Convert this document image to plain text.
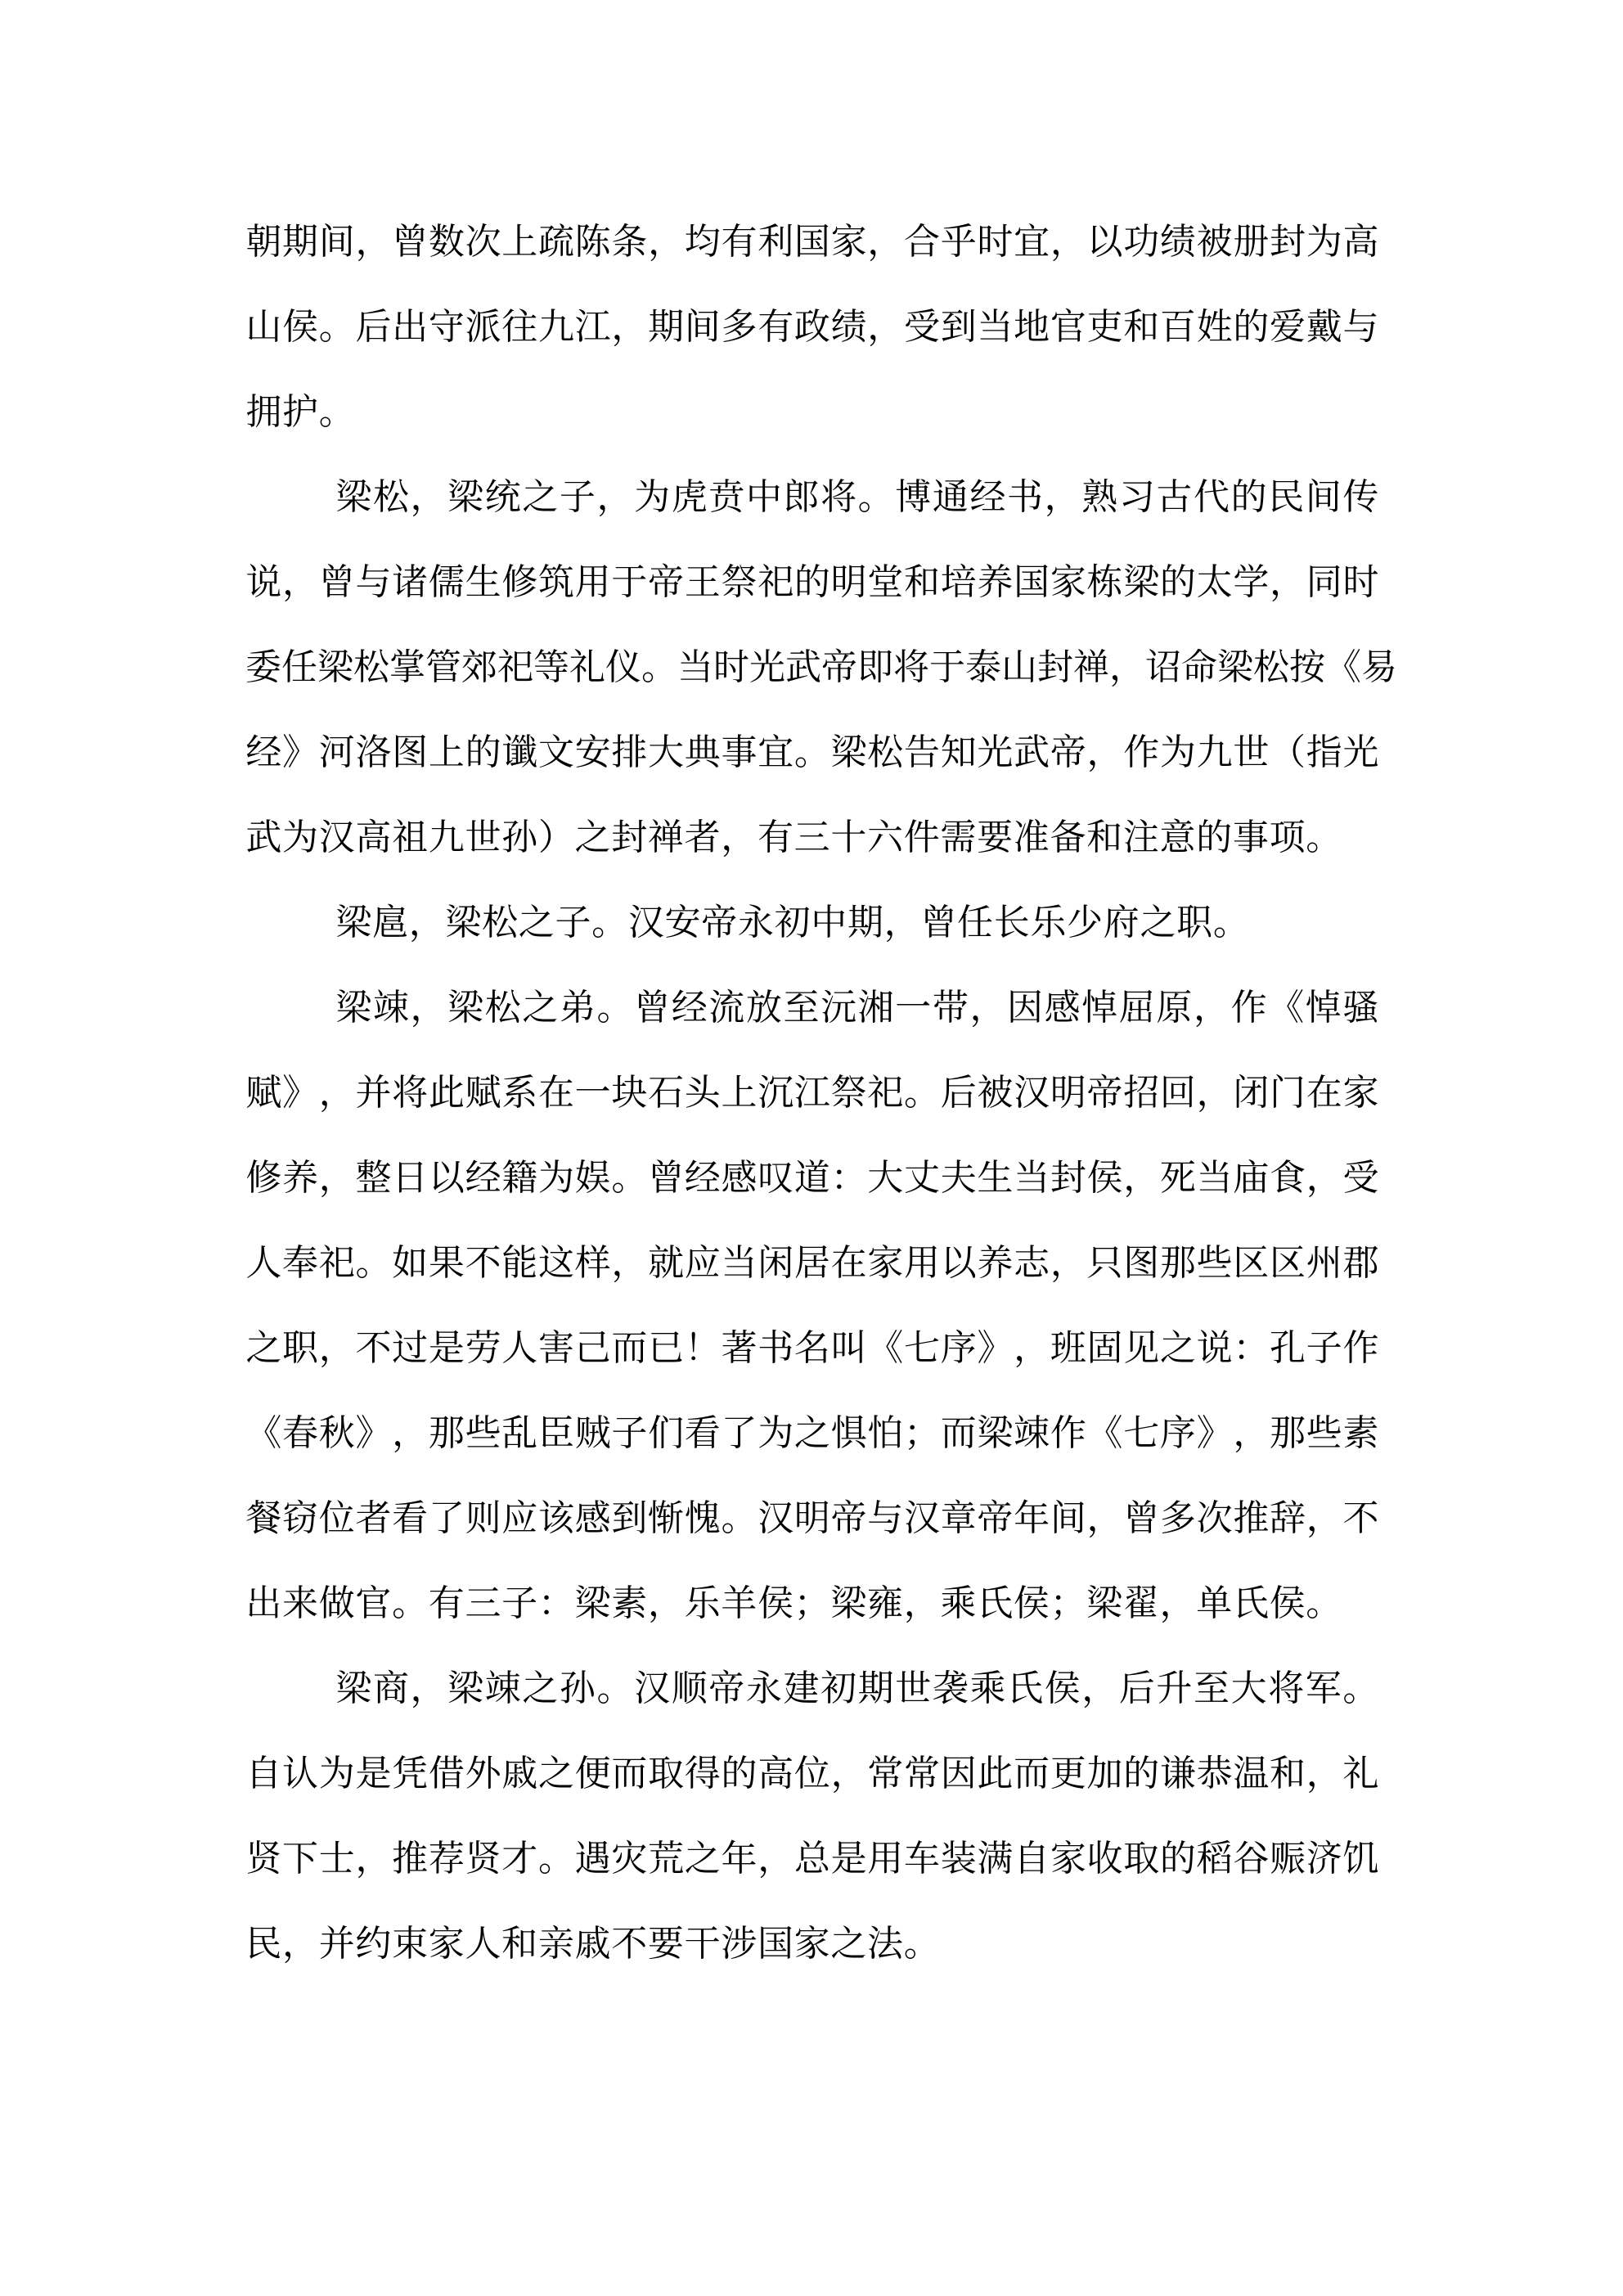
朝 期 间 ， 曾 数 次 上 疏 陈 条 ， 均 有 利 国 家 ， 合 乎 时 宜 ， 以 功 绩 被 册 封 为 高
山 侯 。 后 出 守 派 往 九 江 ， 期 间 多 有 政 绩 ， 受 到 当 地 官 吏 和 百 姓 的 爱 戴 与
拥 护 。
梁 松 ， 梁 统 之 子 ， 为 虎 贲 中 郎 将 。 博 通 经 书 ， 熟 习 古 代 的 民 间 传
说 ， 曾 与 诸 儒 生 修 筑 用 于 帝 王 祭 祀 的 明 堂 和 培 养 国 家 栋 梁 的 太 学 ， 同 时
委 任 梁 松 掌 管 郊 祀 等 礼 仪 。 当 时 光 武 帝 即 将 于 泰 山 封 禅 ， 诏 命 梁 松 按 《 易
经 》 河 洛 图 上 的 谶 文 安 排 大 典 事 宜 。 梁 松 告 知 光 武 帝 ， 作 为 九 世 （ 指 光
武 为 汉 高 祖 九 世 孙 ） 之 封 禅 者 ， 有 三 十 六 件 需 要 准 备 和 注 意 的 事 项 。
梁 扈 ， 梁 松 之 子 。 汉 安 帝 永 初 中 期 ， 曾 任 长 乐 少 府 之 职 。
梁 竦 ， 梁 松 之 弟 。 曾 经 流 放 至 沅 湘 一 带 ， 因 感 悼 屈 原 ， 作 《 悼 骚
赋 》 ， 并 将 此 赋 系 在 一 块 石 头 上 沉 江 祭 祀 。 后 被 汉 明 帝 招 回 ， 闭 门 在 家
修 养 ， 整 日 以 经 籍 为 娱 。 曾 经 感 叹 道 ： 大 丈 夫 生 当 封 侯 ， 死 当 庙 食 ， 受
人 奉 祀 。 如 果 不 能 这 样 ， 就 应 当 闲 居 在 家 用 以 养 志 ， 只 图 那 些 区 区 州 郡
之 职 ， 不 过 是 劳 人 害 己 而 已 ！ 著 书 名 叫 《 七 序 》 ， 班 固 见 之 说 ： 孔 子 作
《 春 秋 》 ， 那 些 乱 臣 贼 子 们 看 了 为 之 惧 怕 ； 而 梁 竦 作 《 七 序 》 ， 那 些 素
餐 窃 位 者 看 了 则 应 该 感 到 惭 愧 。 汉 明 帝 与 汉 章 帝 年 间 ， 曾 多 次 推 辞 ， 不
出 来 做 官 。 有 三 子 ： 梁 素 ， 乐 羊 侯 ； 梁 雍 ， 乘 氏 侯 ； 梁 翟 ， 单 氏 侯 。
梁 商 ， 梁 竦 之 孙 。 汉 顺 帝 永 建 初 期 世 袭 乘 氏 侯 ， 后 升 至 大 将 军 。
自 认 为 是 凭 借 外 戚 之 便 而 取 得 的 高 位 ， 常 常 因 此 而 更 加 的 谦 恭 温 和 ， 礼
贤 下 士 ， 推 荐 贤 才 。 遇 灾 荒 之 年 ， 总 是 用 车 装 满 自 家 收 取 的 稻 谷 赈 济 饥
民 ， 并 约 束 家 人 和 亲 戚 不 要 干 涉 国 家 之 法 。
